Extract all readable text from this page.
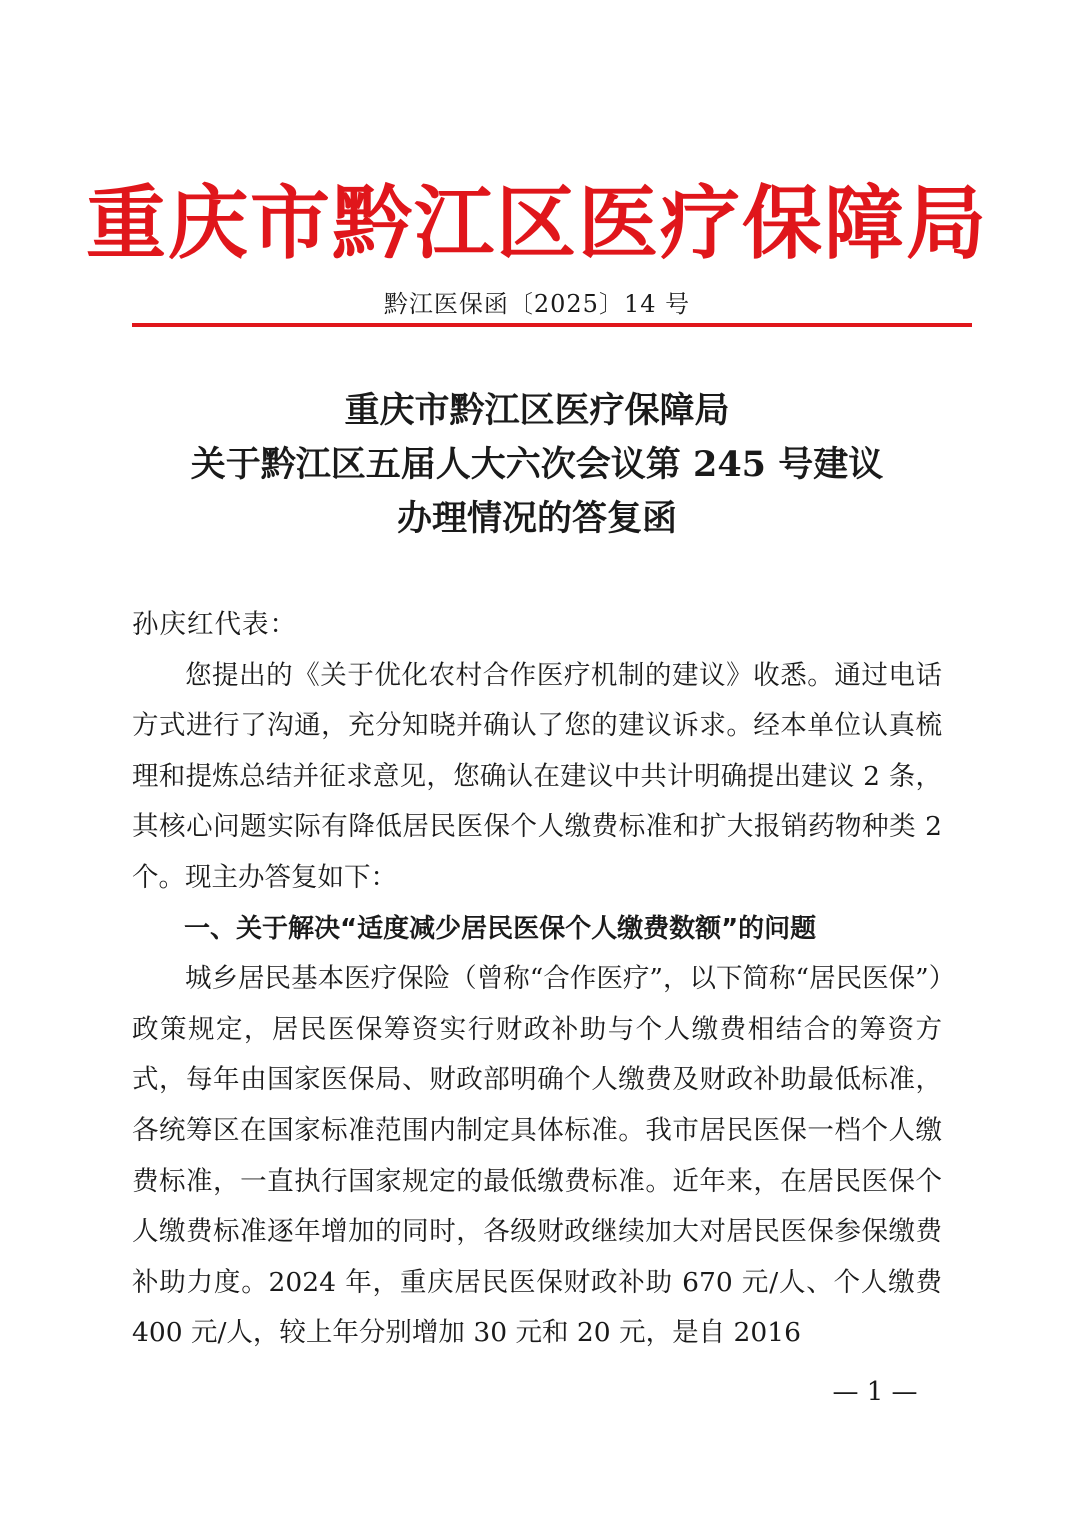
重庆市黔江区医疗保障局
黔江医保函〔2025〕14 号
重庆市黔江区医疗保障局
关于黔江区五届人大六次会议第 245 号建议
办理情况的答复函

孙庆红代表：

您提出的《关于优化农村合作医疗机制的建议》收悉。通过电话方式进行了沟通，充分知晓并确认了您的建议诉求。经本单位认真梳理和提炼总结并征求意见，您确认在建议中共计明确提出建议 2 条，其核心问题实际有降低居民医保个人缴费标准和扩大报销药物种类 2 个。现主办答复如下：

一、关于解决“适度减少居民医保个人缴费数额”的问题

城乡居民基本医疗保险（曾称“合作医疗”，以下简称“居民医保”）政策规定，居民医保筹资实行财政补助与个人缴费相结合的筹资方式，每年由国家医保局、财政部明确个人缴费及财政补助最低标准，各统筹区在国家标准范围内制定具体标准。我市居民医保一档个人缴费标准，一直执行国家规定的最低缴费标准。近年来，在居民医保个人缴费标准逐年增加的同时，各级财政继续加大对居民医保参保缴费补助力度。2024 年，重庆居民医保财政补助 670 元/人、个人缴费 400 元/人，较上年分别增加 30 元和 20 元，是自 2016

— 1 —
